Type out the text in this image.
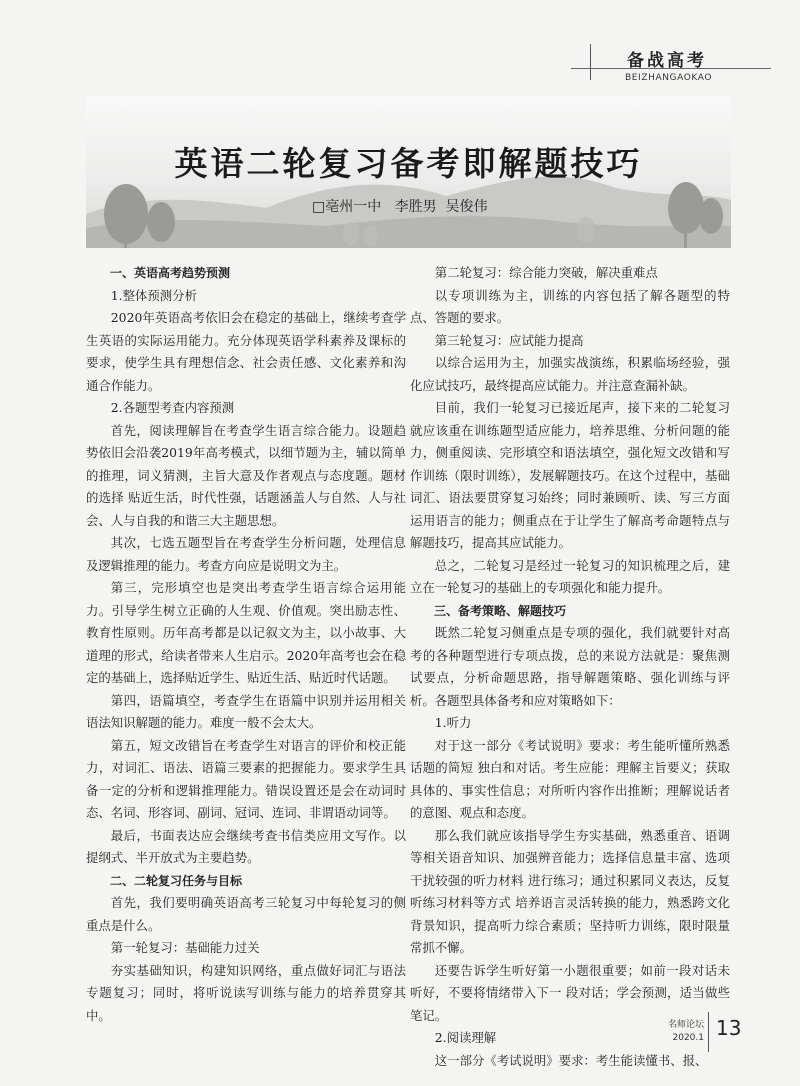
备战高考
BEIZHANGAOKAO
英语二轮复习备考即解题技巧
□亳州一中   李胜男  吴俊伟

一、英语高考趋势预测

1.整体预测分析

2020年英语高考依旧会在稳定的基础上，继续考查学生英语的实际运用能力。充分体现英语学科素养及课标的要求，使学生具有理想信念、社会责任感、文化素养和沟通合作能力。

2.各题型考查内容预测

首先，阅读理解旨在考查学生语言综合能力。设题趋势依旧会沿袭2019年高考模式，以细节题为主，辅以简单的推理，词义猜测，主旨大意及作者观点与态度题。题材的选择 贴近生活，时代性强，话题涵盖人与自然、人与社会、人与自我的和谐三大主题思想。

其次，七选五题型旨在考查学生分析问题，处理信息及逻辑推理的能力。考查方向应是说明文为主。

第三，完形填空也是突出考查学生语言综合运用能力。引导学生树立正确的人生观、价值观。突出励志性、教育性原则。历年高考都是以记叙文为主，以小故事、大道理的形式，给读者带来人生启示。2020年高考也会在稳定的基础上，选择贴近学生、贴近生活、贴近时代话题。

第四，语篇填空，考查学生在语篇中识别并运用相关语法知识解题的能力。难度一般不会太大。

第五，短文改错旨在考查学生对语言的评价和校正能力，对词汇、语法、语篇三要素的把握能力。要求学生具备一定的分析和逻辑推理能力。错误设置还是会在动词时态、名词、形容词、副词、冠词、连词、非谓语动词等。

最后，书面表达应会继续考查书信类应用文写作。以提纲式、半开放式为主要趋势。

二、二轮复习任务与目标

首先，我们要明确英语高考三轮复习中每轮复习的侧重点是什么。

第一轮复习：基础能力过关

夯实基础知识，构建知识网络，重点做好词汇与语法专题复习；同时，将听说读写训练与能力的培养贯穿其中。

第二轮复习：综合能力突破，解决重难点

以专项训练为主，训练的内容包括了解各题型的特点、答题的要求。

第三轮复习：应试能力提高

以综合运用为主，加强实战演练，积累临场经验，强化应试技巧，最终提高应试能力。并注意查漏补缺。

目前，我们一轮复习已接近尾声，接下来的二轮复习就应该重在训练题型适应能力，培养思维、分析问题的能力，侧重阅读、完形填空和语法填空，强化短文改错和写作训练（限时训练），发展解题技巧。在这个过程中，基础词汇、语法要贯穿复习始终；同时兼顾听、读、写三方面运用语言的能力；侧重点在于让学生了解高考命题特点与解题技巧，提高其应试能力。

总之，二轮复习是经过一轮复习的知识梳理之后，建立在一轮复习的基础上的专项强化和能力提升。

三、备考策略、解题技巧

既然二轮复习侧重点是专项的强化，我们就要针对高考的各种题型进行专项点拨，总的来说方法就是：聚焦测试要点，分析命题思路，指导解题策略、强化训练与评析。各题型具体备考和应对策略如下：

1.听力

对于这一部分《考试说明》要求：考生能听懂所熟悉话题的简短 独白和对话。考生应能：理解主旨要义；获取具体的、事实性信息；对所听内容作出推断；理解说话者的意图、观点和态度。

那么我们就应该指导学生夯实基础，熟悉重音、语调等相关语音知识、加强辨音能力；选择信息量丰富、选项干扰较强的听力材料 进行练习；通过积累同义表达，反复听练习材料等方式 培养语言灵活转换的能力，熟悉跨文化背景知识，提高听力综合素质；坚持听力训练，限时限量常抓不懈。

还要告诉学生听好第一小题很重要；如前一段对话未听好，不要将情绪带入下一 段对话；学会预测，适当做些笔记。

2.阅读理解

这一部分《考试说明》要求：考生能读懂书、报、

名师论坛
2020.1 13
